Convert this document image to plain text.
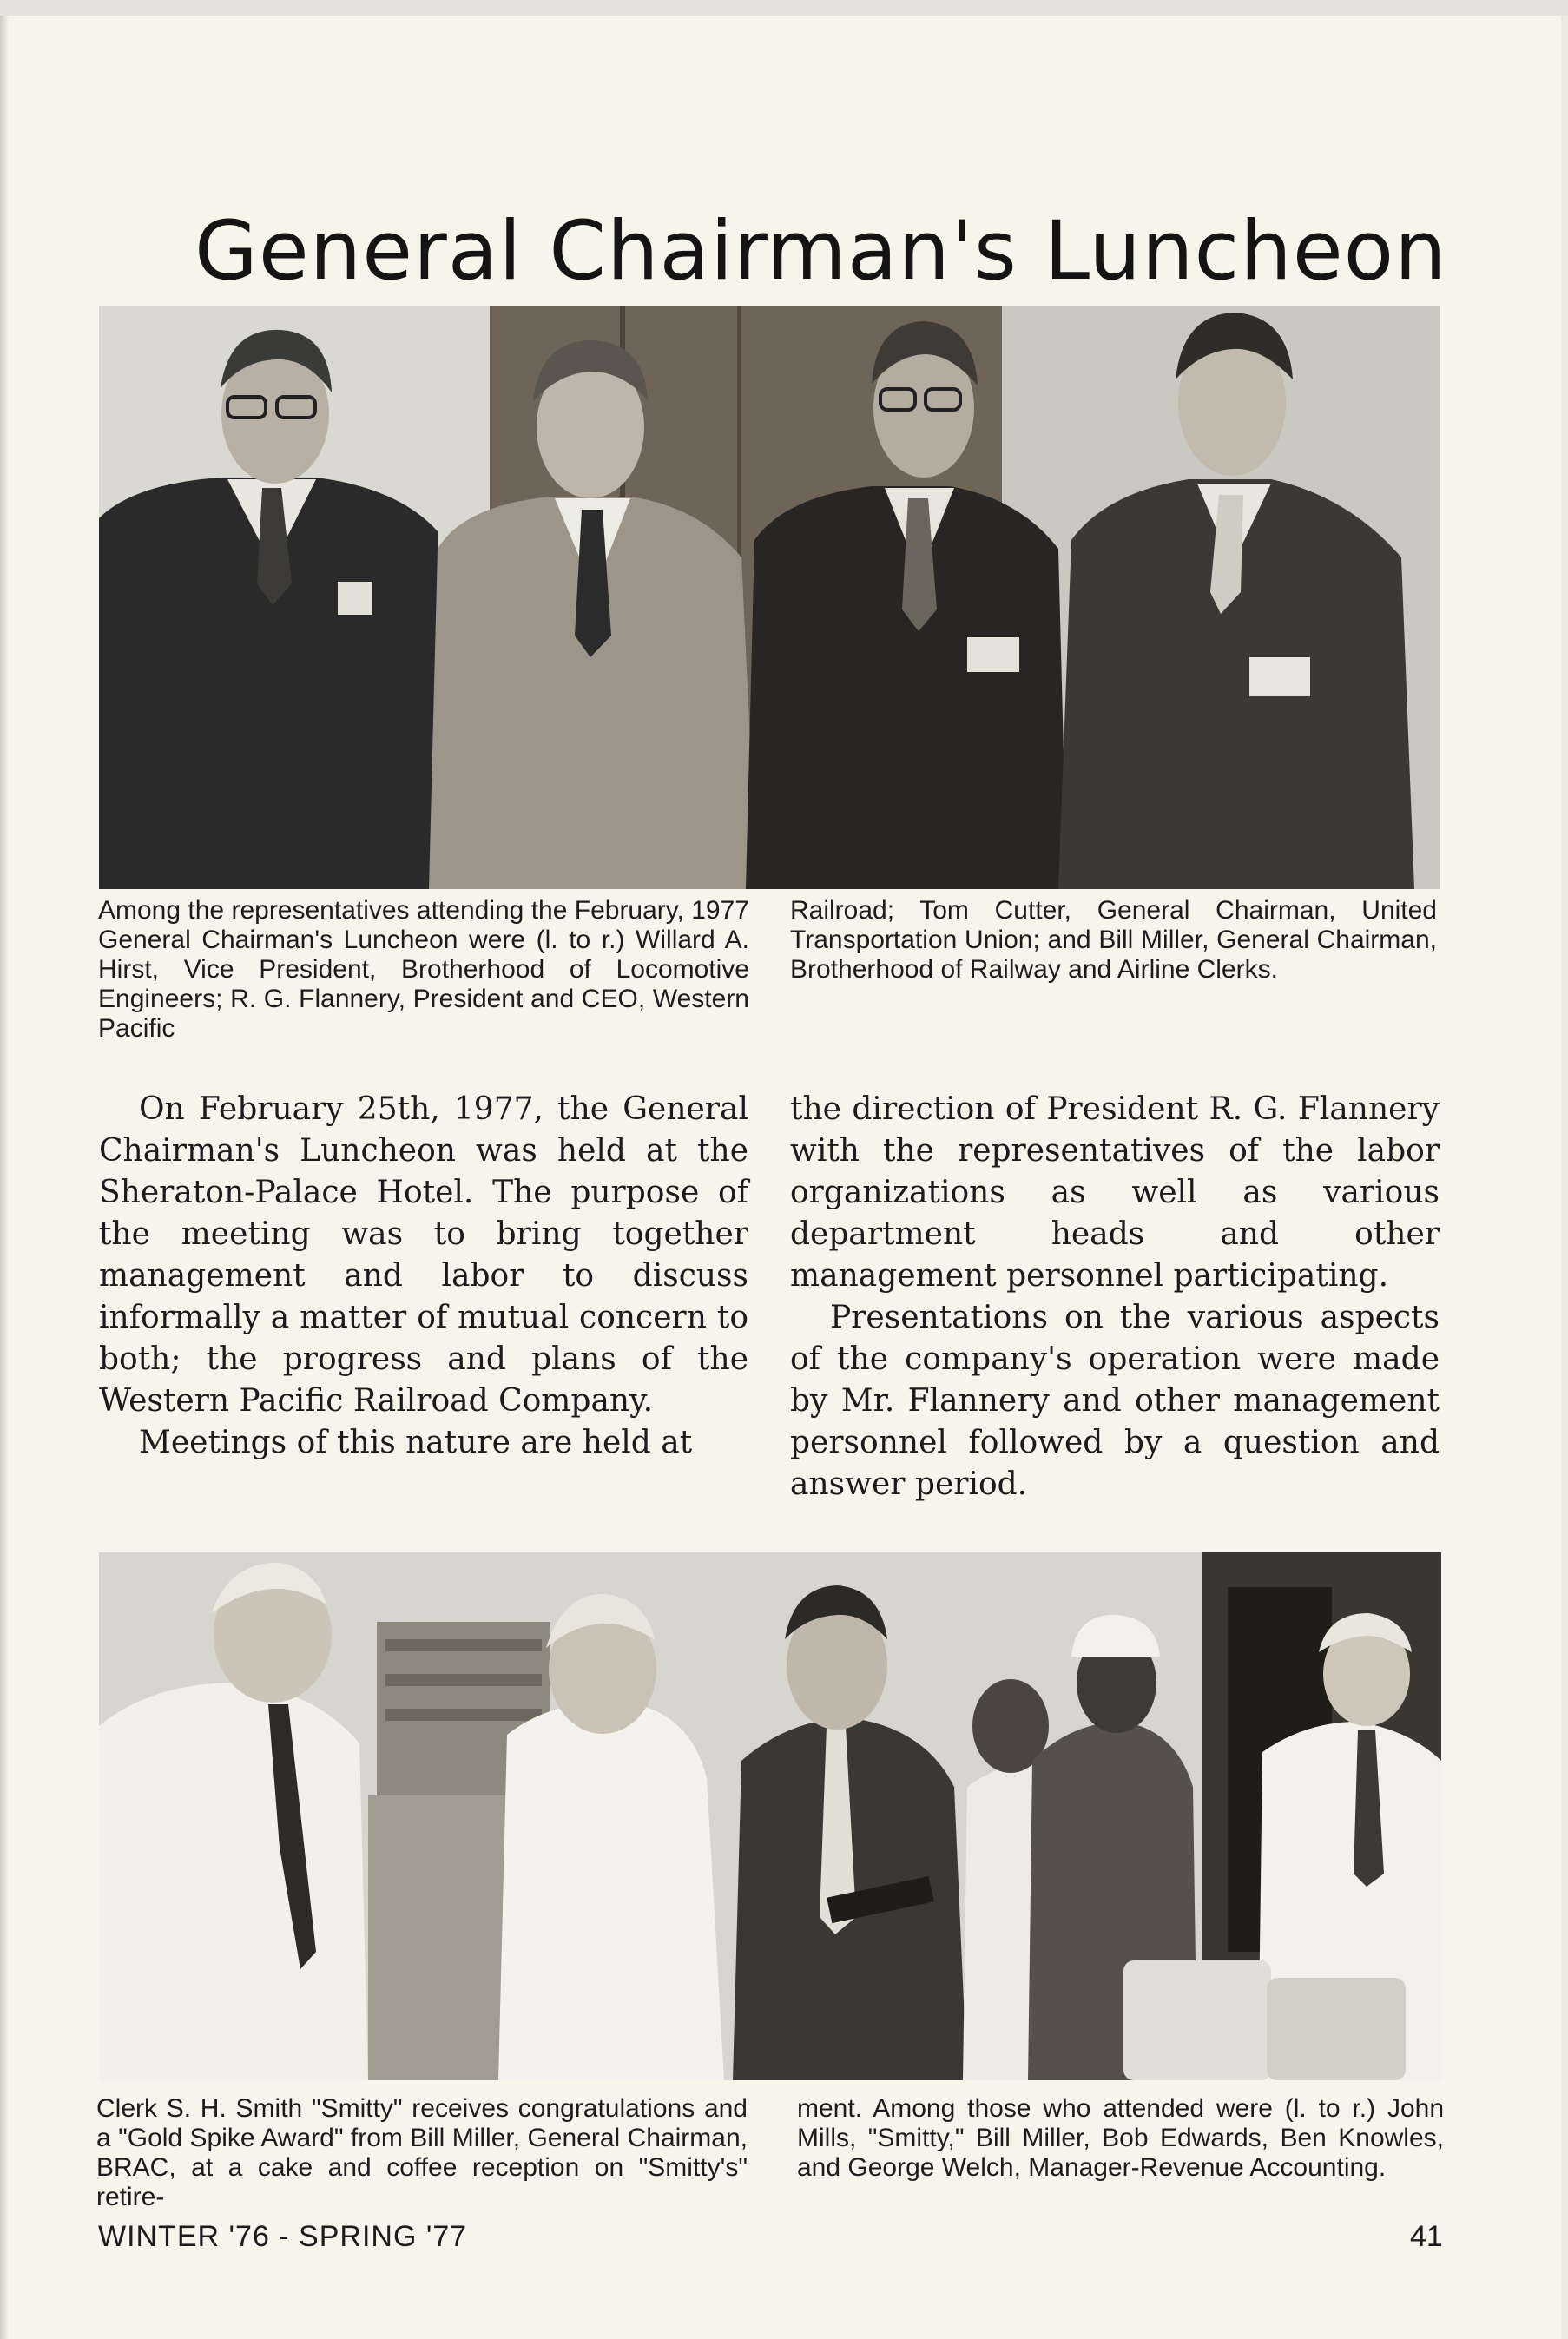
General Chairman's Luncheon

Among the representatives attending the February, 1977 General Chairman's Luncheon were (l. to r.) Willard A. Hirst, Vice President, Brotherhood of Locomotive Engineers; R. G. Flannery, President and CEO, Western Pacific

Railroad; Tom Cutter, General Chairman, United Transportation Union; and Bill Miller, General Chairman, Brotherhood of Railway and Airline Clerks.

On February 25th, 1977, the General Chairman's Luncheon was held at the Sheraton-Palace Hotel. The purpose of the meeting was to bring together management and labor to discuss informally a matter of mutual concern to both; the progress and plans of the Western Pacific Railroad Company.

Meetings of this nature are held at

the direction of President R. G. Flannery with the representatives of the labor organizations as well as various department heads and other management personnel participating.

Presentations on the various aspects of the company's operation were made by Mr. Flannery and other management personnel followed by a question and answer period.

Clerk S. H. Smith "Smitty" receives congratulations and a "Gold Spike Award" from Bill Miller, General Chairman, BRAC, at a cake and coffee reception on "Smitty's" retire-

ment. Among those who attended were (l. to r.) John Mills, "Smitty," Bill Miller, Bob Edwards, Ben Knowles, and George Welch, Manager-Revenue Accounting.

WINTER '76 - SPRING '77	41
